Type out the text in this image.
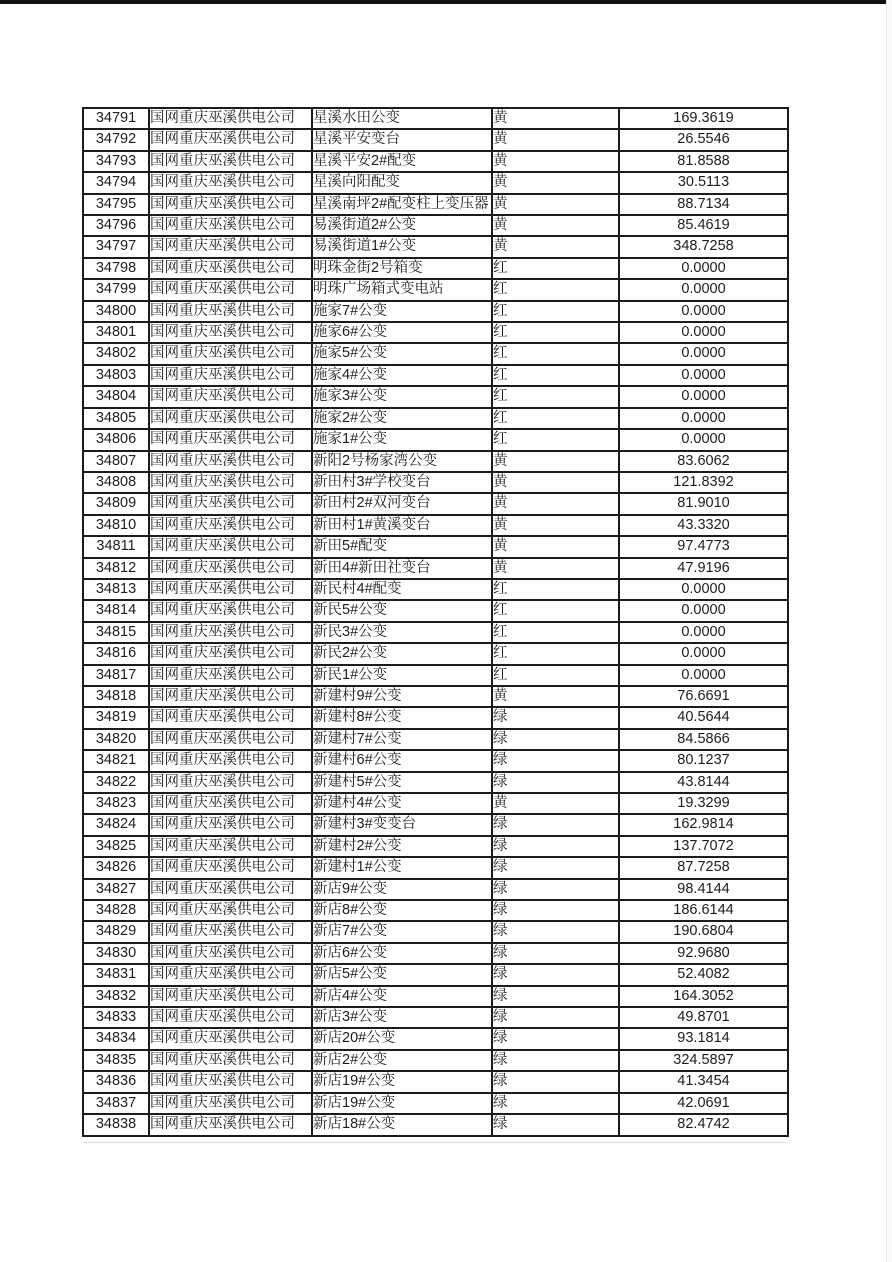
34791	国网重庆巫溪供电公司	星溪水田公变	黄	169.3619
34792	国网重庆巫溪供电公司	星溪平安变台	黄	26.5546
34793	国网重庆巫溪供电公司	星溪平安2#配变	黄	81.8588
34794	国网重庆巫溪供电公司	星溪向阳配变	黄	30.5113
34795	国网重庆巫溪供电公司	星溪南坪2#配变柱上变压器	黄	88.7134
34796	国网重庆巫溪供电公司	易溪街道2#公变	黄	85.4619
34797	国网重庆巫溪供电公司	易溪街道1#公变	黄	348.7258
34798	国网重庆巫溪供电公司	明珠金街2号箱变	红	0.0000
34799	国网重庆巫溪供电公司	明珠广场箱式变电站	红	0.0000
34800	国网重庆巫溪供电公司	施家7#公变	红	0.0000
34801	国网重庆巫溪供电公司	施家6#公变	红	0.0000
34802	国网重庆巫溪供电公司	施家5#公变	红	0.0000
34803	国网重庆巫溪供电公司	施家4#公变	红	0.0000
34804	国网重庆巫溪供电公司	施家3#公变	红	0.0000
34805	国网重庆巫溪供电公司	施家2#公变	红	0.0000
34806	国网重庆巫溪供电公司	施家1#公变	红	0.0000
34807	国网重庆巫溪供电公司	新阳2号杨家湾公变	黄	83.6062
34808	国网重庆巫溪供电公司	新田村3#学校变台	黄	121.8392
34809	国网重庆巫溪供电公司	新田村2#双河变台	黄	81.9010
34810	国网重庆巫溪供电公司	新田村1#黄溪变台	黄	43.3320
34811	国网重庆巫溪供电公司	新田5#配变	黄	97.4773
34812	国网重庆巫溪供电公司	新田4#新田社变台	黄	47.9196
34813	国网重庆巫溪供电公司	新民村4#配变	红	0.0000
34814	国网重庆巫溪供电公司	新民5#公变	红	0.0000
34815	国网重庆巫溪供电公司	新民3#公变	红	0.0000
34816	国网重庆巫溪供电公司	新民2#公变	红	0.0000
34817	国网重庆巫溪供电公司	新民1#公变	红	0.0000
34818	国网重庆巫溪供电公司	新建村9#公变	黄	76.6691
34819	国网重庆巫溪供电公司	新建村8#公变	绿	40.5644
34820	国网重庆巫溪供电公司	新建村7#公变	绿	84.5866
34821	国网重庆巫溪供电公司	新建村6#公变	绿	80.1237
34822	国网重庆巫溪供电公司	新建村5#公变	绿	43.8144
34823	国网重庆巫溪供电公司	新建村4#公变	黄	19.3299
34824	国网重庆巫溪供电公司	新建村3#变变台	绿	162.9814
34825	国网重庆巫溪供电公司	新建村2#公变	绿	137.7072
34826	国网重庆巫溪供电公司	新建村1#公变	绿	87.7258
34827	国网重庆巫溪供电公司	新店9#公变	绿	98.4144
34828	国网重庆巫溪供电公司	新店8#公变	绿	186.6144
34829	国网重庆巫溪供电公司	新店7#公变	绿	190.6804
34830	国网重庆巫溪供电公司	新店6#公变	绿	92.9680
34831	国网重庆巫溪供电公司	新店5#公变	绿	52.4082
34832	国网重庆巫溪供电公司	新店4#公变	绿	164.3052
34833	国网重庆巫溪供电公司	新店3#公变	绿	49.8701
34834	国网重庆巫溪供电公司	新店20#公变	绿	93.1814
34835	国网重庆巫溪供电公司	新店2#公变	绿	324.5897
34836	国网重庆巫溪供电公司	新店19#公变	绿	41.3454
34837	国网重庆巫溪供电公司	新店19#公变	绿	42.0691
34838	国网重庆巫溪供电公司	新店18#公变	绿	82.4742
